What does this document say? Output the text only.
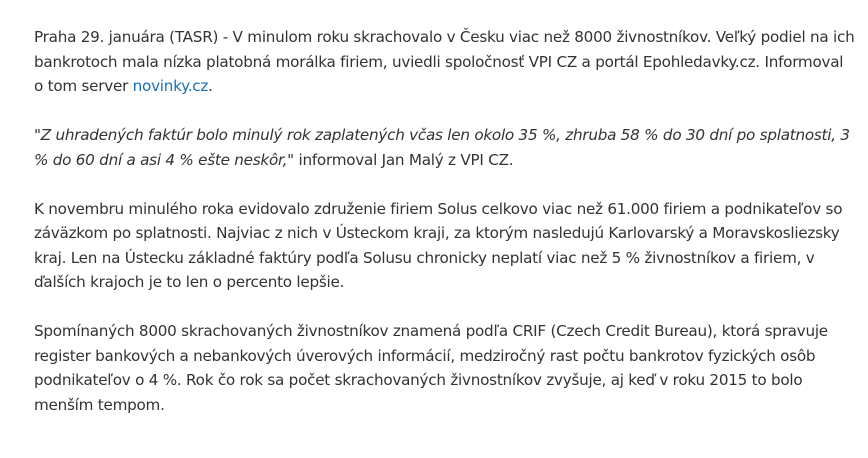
Praha 29. januára (TASR) - V minulom roku skrachovalo v Česku viac než 8000 živnostníkov. Veľký podiel na ich bankrotoch mala nízka platobná morálka firiem, uviedli spoločnosť VPI CZ a portál Epohledavky.cz. Informoval o tom server novinky.cz.

"Z uhradených faktúr bolo minulý rok zaplatených včas len okolo 35 %, zhruba 58 % do 30 dní po splatnosti, 3 % do 60 dní a asi 4 % ešte neskôr," informoval Jan Malý z VPI CZ.

K novembru minulého roka evidovalo združenie firiem Solus celkovo viac než 61.000 firiem a podnikateľov so záväzkom po splatnosti. Najviac z nich v Ústeckom kraji, za ktorým nasledujú Karlovarský a Moravskosliezsky kraj. Len na Ústecku základné faktúry podľa Solusu chronicky neplatí viac než 5 % živnostníkov a firiem, v ďalších krajoch je to len o percento lepšie.

Spomínaných 8000 skrachovaných živnostníkov znamená podľa CRIF (Czech Credit Bureau), ktorá spravuje register bankových a nebankových úverových informácií, medziročný rast počtu bankrotov fyzických osôb podnikateľov o 4 %. Rok čo rok sa počet skrachovaných živnostníkov zvyšuje, aj keď v roku 2015 to bolo menším tempom.
